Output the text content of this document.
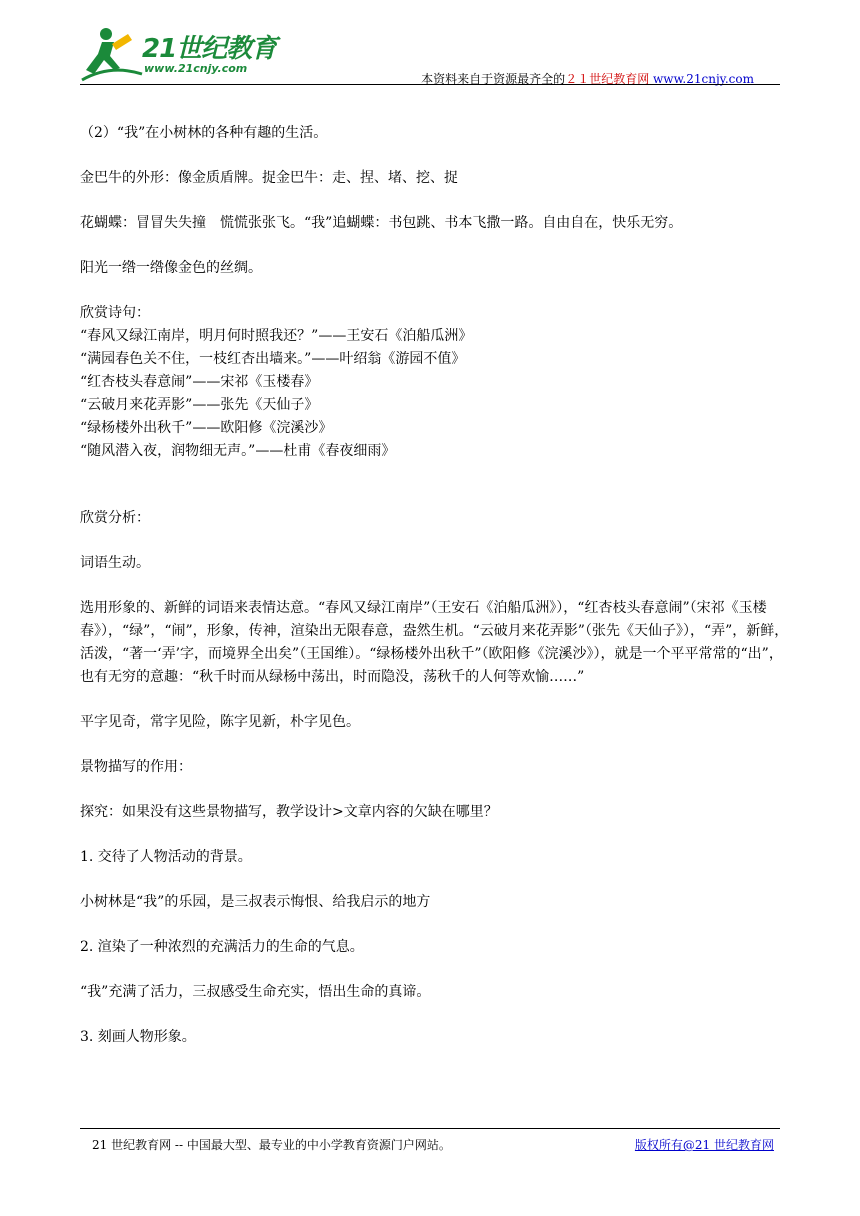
21世纪教育
www.21cnjy.com
本资料来自于资源最齐全的２１世纪教育网 www.21cnjy.com

（2）“我”在小树林的各种有趣的生活。

金巴牛的外形：像金质盾牌。捉金巴牛：走、捏、堵、挖、捉

花蝴蝶：冒冒失失撞　慌慌张张飞。“我”追蝴蝶：书包跳、书本飞撒一路。自由自在，快乐无穷。

阳光一绺一绺像金色的丝绸。

欣赏诗句：

“春风又绿江南岸，明月何时照我还？”——王安石《泊船瓜洲》

“满园春色关不住，一枝红杏出墙来。”——叶绍翁《游园不值》

“红杏枝头春意闹”——宋祁《玉楼春》

“云破月来花弄影”——张先《天仙子》

“绿杨楼外出秋千”——欧阳修《浣溪沙》

“随风潜入夜，润物细无声。”——杜甫《春夜细雨》

欣赏分析：

词语生动。

选用形象的、新鲜的词语来表情达意。“春风又绿江南岸”（王安石《泊船瓜洲》），“红杏枝头春意闹”（宋祁《玉楼春》），“绿”，“闹”，形象，传神，渲染出无限春意，盎然生机。“云破月来花弄影”（张先《天仙子》），“弄”，新鲜，活泼，“著一‘弄’字，而境界全出矣”（王国维）。“绿杨楼外出秋千”（欧阳修《浣溪沙》），就是一个平平常常的“出”，也有无穷的意趣：“秋千时而从绿杨中荡出，时而隐没，荡秋千的人何等欢愉……”

平字见奇，常字见险，陈字见新，朴字见色。

景物描写的作用：

探究：如果没有这些景物描写，教学设计>文章内容的欠缺在哪里？

1. 交待了人物活动的背景。

小树林是“我”的乐园，是三叔表示悔恨、给我启示的地方

2. 渲染了一种浓烈的充满活力的生命的气息。

“我”充满了活力，三叔感受生命充实，悟出生命的真谛。

3. 刻画人物形象。

21 世纪教育网 -- 中国最大型、最专业的中小学教育资源门户网站。	版权所有@21 世纪教育网
